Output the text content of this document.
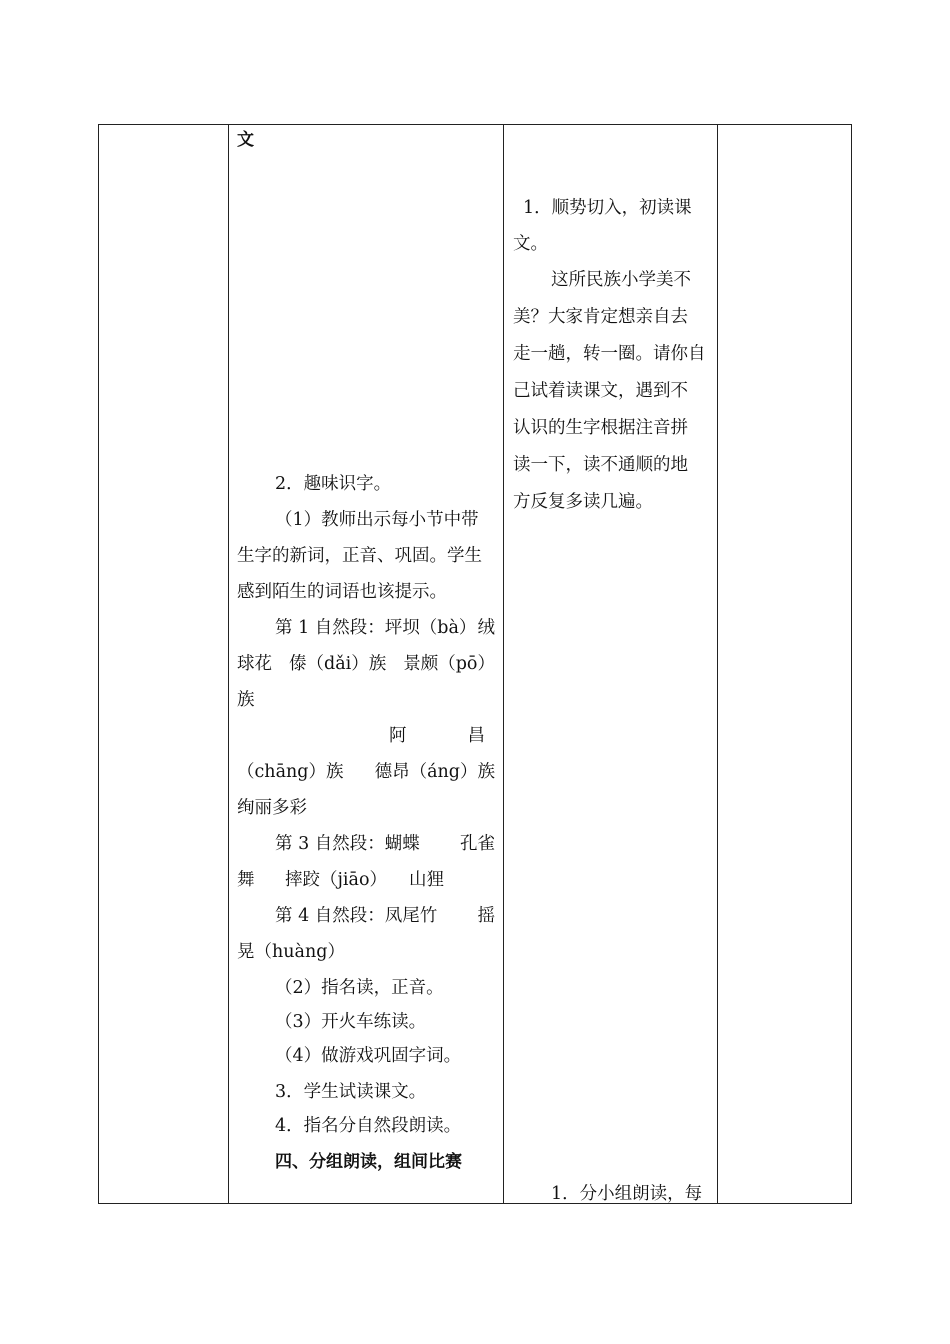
文
2．趣味识字。
（1）教师出示每小节中带
生字的新词，正音、巩固。学生
感到陌生的词语也该提示。
第 1 自然段：坪坝（bà） 绒
球花 傣（dǎi）族 景颇（pō）
族
阿	昌
（chāng）族 德昂（áng）族
绚丽多彩
第 3 自然段：蝴蝶 孔雀
舞	摔跤（jiāo）	山狸
第 4 自然段：凤尾竹 摇
晃（huàng）
（2）指名读，正音。
（3）开火车练读。
（4）做游戏巩固字词。
3．学生试读课文。
4．指名分自然段朗读。
四、分组朗读，组间比赛
1．顺势切入，初读课
文。
这所民族小学美不
美？大家肯定想亲自去
走一趟，转一圈。请你自
己试着读课文，遇到不
认识的生字根据注音拼
读一下，读不通顺的地
方反复多读几遍。
1．分小组朗读，每
